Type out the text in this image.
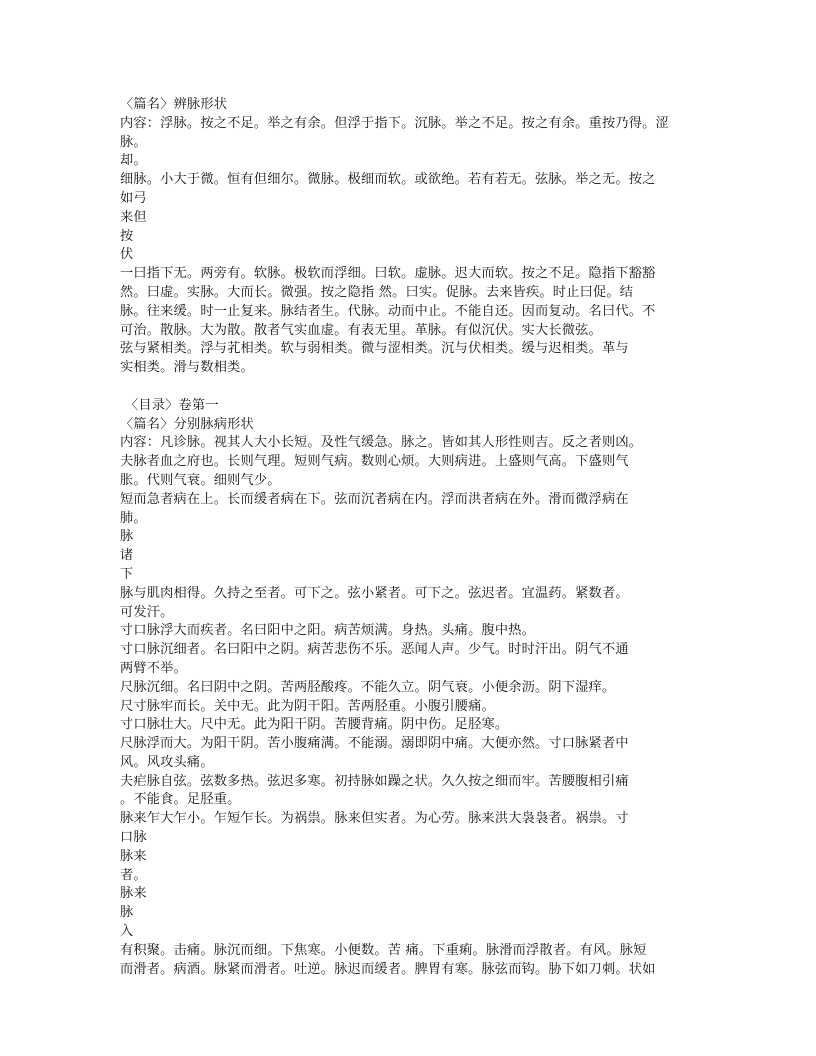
〈篇名〉辨脉形状
内容：浮脉。按之不足。举之有余。但浮于指下。沉脉。举之不足。按之有余。重按乃得。涩
脉。
却。
细脉。小大于微。恒有但细尔。微脉。极细而软。或欲绝。若有若无。弦脉。举之无。按之
如弓
来但
按
伏
一曰指下无。两旁有。软脉。极软而浮细。曰软。虚脉。迟大而软。按之不足。隐指下豁豁
然。曰虚。实脉。大而长。微强。按之隐指 然。曰实。促脉。去来皆疾。时止曰促。结
脉。往来缓。时一止复来。脉结者生。代脉。动而中止。不能自还。因而复动。名曰代。不
可治。散脉。大为散。散者气实血虚。有表无里。革脉。有似沉伏。实大长微弦。
弦与紧相类。浮与芤相类。软与弱相类。微与涩相类。沉与伏相类。缓与迟相类。革与
实相类。滑与数相类。
〈目录〉卷第一
〈篇名〉分别脉病形状
内容：凡诊脉。视其人大小长短。及性气缓急。脉之。皆如其人形性则吉。反之者则凶。
夫脉者血之府也。长则气理。短则气病。数则心烦。大则病进。上盛则气高。下盛则气
胀。代则气衰。细则气少。
短而急者病在上。长而缓者病在下。弦而沉者病在内。浮而洪者病在外。滑而微浮病在
肺。
脉
诸
下
脉与肌肉相得。久持之至者。可下之。弦小紧者。可下之。弦迟者。宜温药。紧数者。
可发汗。
寸口脉浮大而疾者。名曰阳中之阳。病苦烦满。身热。头痛。腹中热。
寸口脉沉细者。名曰阳中之阴。病苦悲伤不乐。恶闻人声。少气。时时汗出。阴气不通
两臂不举。
尺脉沉细。名曰阴中之阴。苦两胫酸疼。不能久立。阴气衰。小便余沥。阴下湿痒。
尺寸脉牢而长。关中无。此为阴干阳。苦两胫重。小腹引腰痛。
寸口脉壮大。尺中无。此为阳干阴。苦腰背痛。阴中伤。足胫寒。
尺脉浮而大。为阳干阴。苦小腹痛满。不能溺。溺即阴中痛。大便亦然。寸口脉紧者中
风。风攻头痛。
夫疟脉自弦。弦数多热。弦迟多寒。初持脉如躁之状。久久按之细而牢。苦腰腹相引痛
。不能食。足胫重。
脉来乍大乍小。乍短乍长。为祸祟。脉来但实者。为心劳。脉来洪大袅袅者。祸祟。寸
口脉
脉来
者。
脉来
脉
入
有积聚。击痛。脉沉而细。下焦寒。小便数。苦 痛。下重痢。脉滑而浮散者。有风。脉短
而滑者。病酒。脉紧而滑者。吐逆。脉迟而缓者。脾胃有寒。脉弦而钩。胁下如刀刺。状如
